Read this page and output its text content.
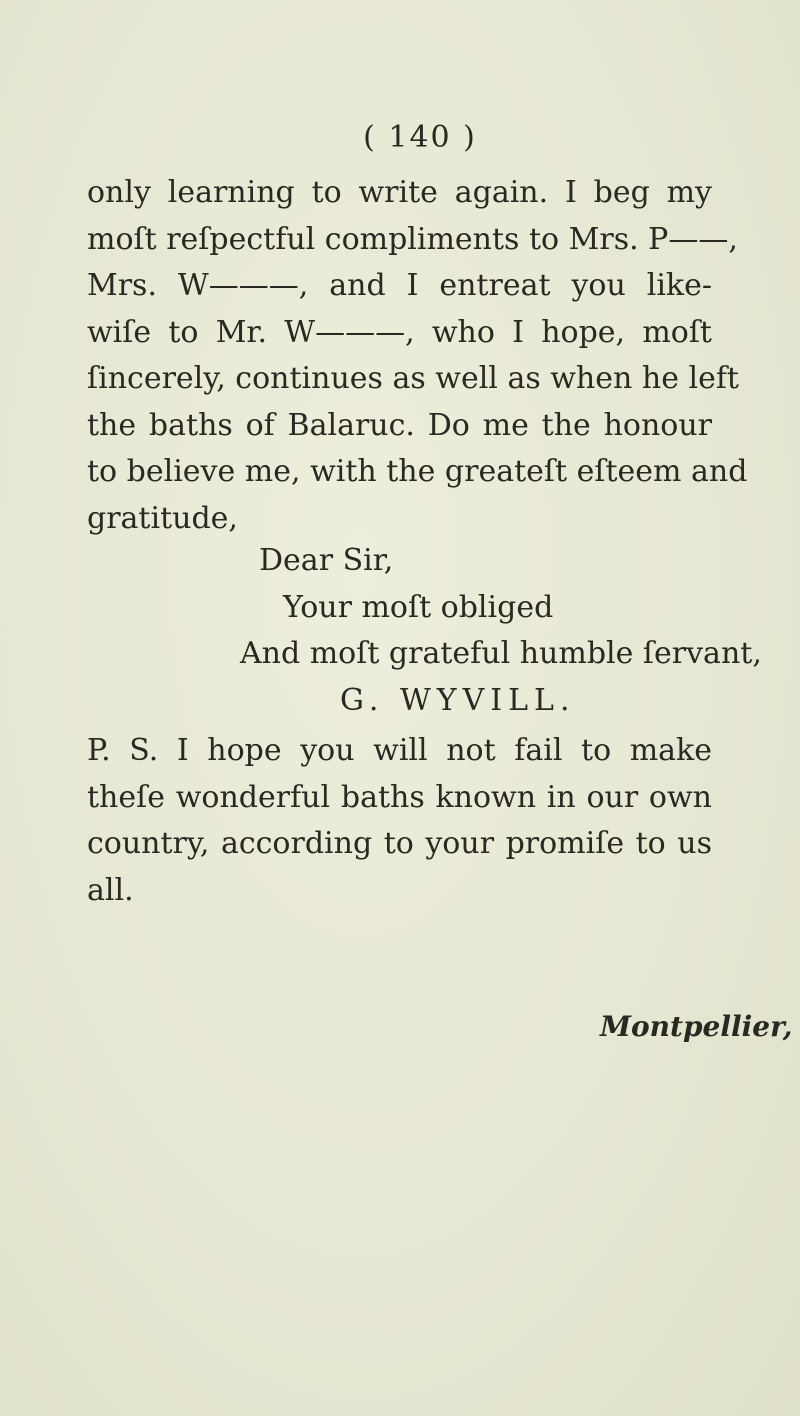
( 140 )
only learning to write again. I beg my
moſt reſpectful compliments to Mrs. P——,
Mrs. W———, and I entreat you like-
wiſe to Mr. W———, who I hope, moſt
ſincerely, continues as well as when he left
the baths of Balaruc. Do me the honour
to believe me, with the greateſt eſteem and
gratitude,
Dear Sir,
Your moſt obliged
And moſt grateful humble ſervant,
G. WYVILL.
P. S. I hope you will not fail to make
theſe wonderful baths known in our own
country, according to your promiſe to us
all.
Montpellier,
